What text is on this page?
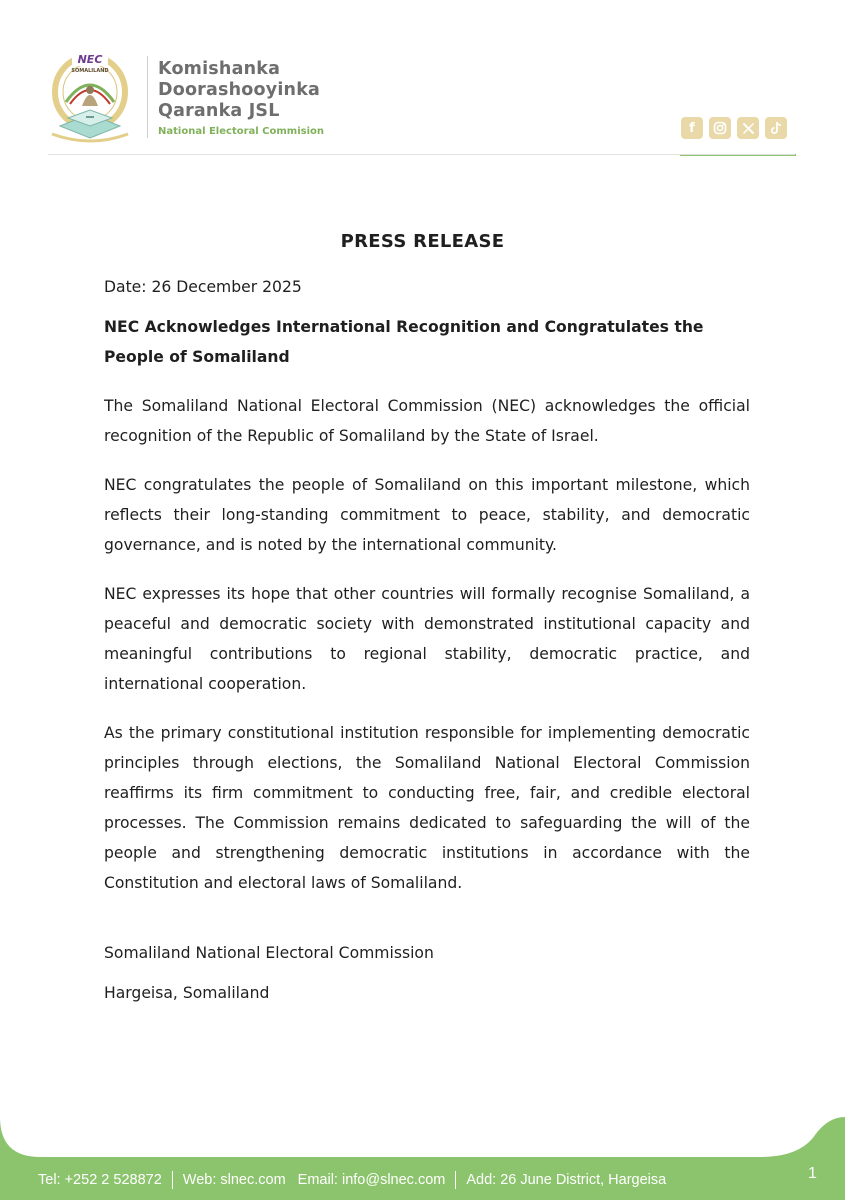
NEC
SOMALILAND	Komishanka
Doorashooyinka
Qaranka JSL
National Electoral Commision	f
PRESS RELEASE

Date: 26 December 2025

NEC Acknowledges International Recognition and Congratulates the People of Somaliland

The Somaliland National Electoral Commission (NEC) acknowledges the official recognition of the Republic of Somaliland by the State of Israel.

NEC congratulates the people of Somaliland on this important milestone, which reflects their long-standing commitment to peace, stability, and democratic governance, and is noted by the international community.

NEC expresses its hope that other countries will formally recognise Somaliland, a peaceful and democratic society with demonstrated institutional capacity and meaningful contributions to regional stability, democratic practice, and international cooperation.

As the primary constitutional institution responsible for implementing democratic principles through elections, the Somaliland National Electoral Commission reaffirms its firm commitment to conducting free, fair, and credible electoral processes. The Commission remains dedicated to safeguarding the will of the people and strengthening democratic institutions in accordance with the Constitution and electoral laws of Somaliland.

Somaliland National Electoral Commission

Hargeisa, Somaliland

Tel: +252 2 528872 Web: slnec.com Email: info@slnec.com Add: 26 June District, Hargeisa	1
